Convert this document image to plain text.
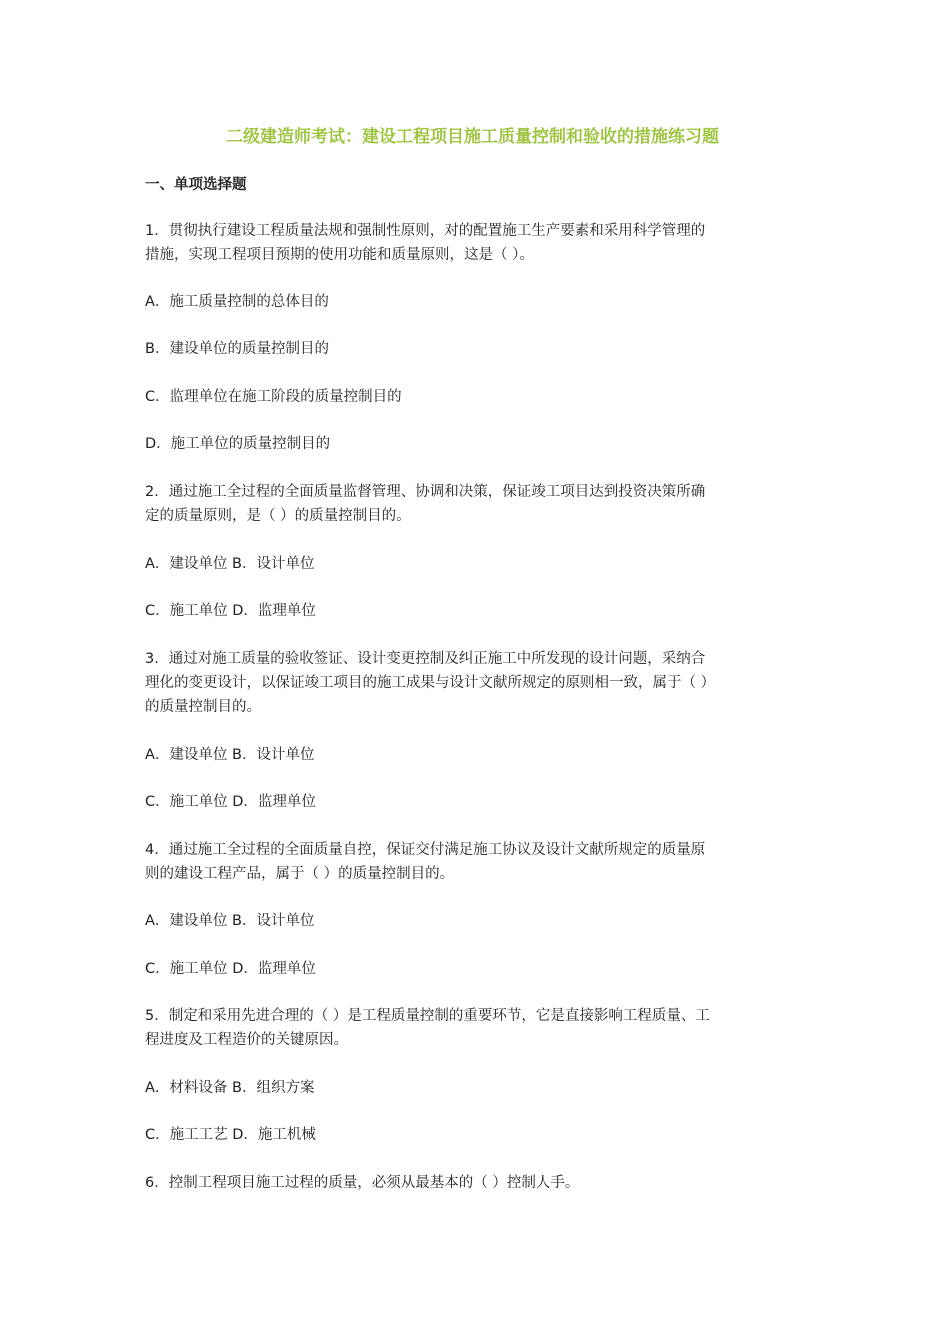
二级建造师考试：建设工程项目施工质量控制和验收的措施练习题
一、单项选择题
1．贯彻执行建设工程质量法规和强制性原则，对的配置施工生产要素和采用科学管理的
措施，实现工程项目预期的使用功能和质量原则，这是（ ）。
A．施工质量控制的总体目的
B．建设单位的质量控制目的
C．监理单位在施工阶段的质量控制目的
D．施工单位的质量控制目的
2．通过施工全过程的全面质量监督管理、协调和决策，保证竣工项目达到投资决策所确
定的质量原则，是（ ）的质量控制目的。
A．建设单位 B．设计单位
C．施工单位 D．监理单位
3．通过对施工质量的验收签证、设计变更控制及纠正施工中所发现的设计问题，采纳合
理化的变更设计，以保证竣工项目的施工成果与设计文献所规定的原则相一致，属于（ ）
的质量控制目的。
A．建设单位 B．设计单位
C．施工单位 D．监理单位
4．通过施工全过程的全面质量自控，保证交付满足施工协议及设计文献所规定的质量原
则的建设工程产品，属于（ ）的质量控制目的。
A．建设单位 B．设计单位
C．施工单位 D．监理单位
5．制定和采用先进合理的（ ）是工程质量控制的重要环节，它是直接影响工程质量、工
程进度及工程造价的关键原因。
A．材料设备 B．组织方案
C．施工工艺 D．施工机械
6．控制工程项目施工过程的质量，必须从最基本的（ ）控制人手。
